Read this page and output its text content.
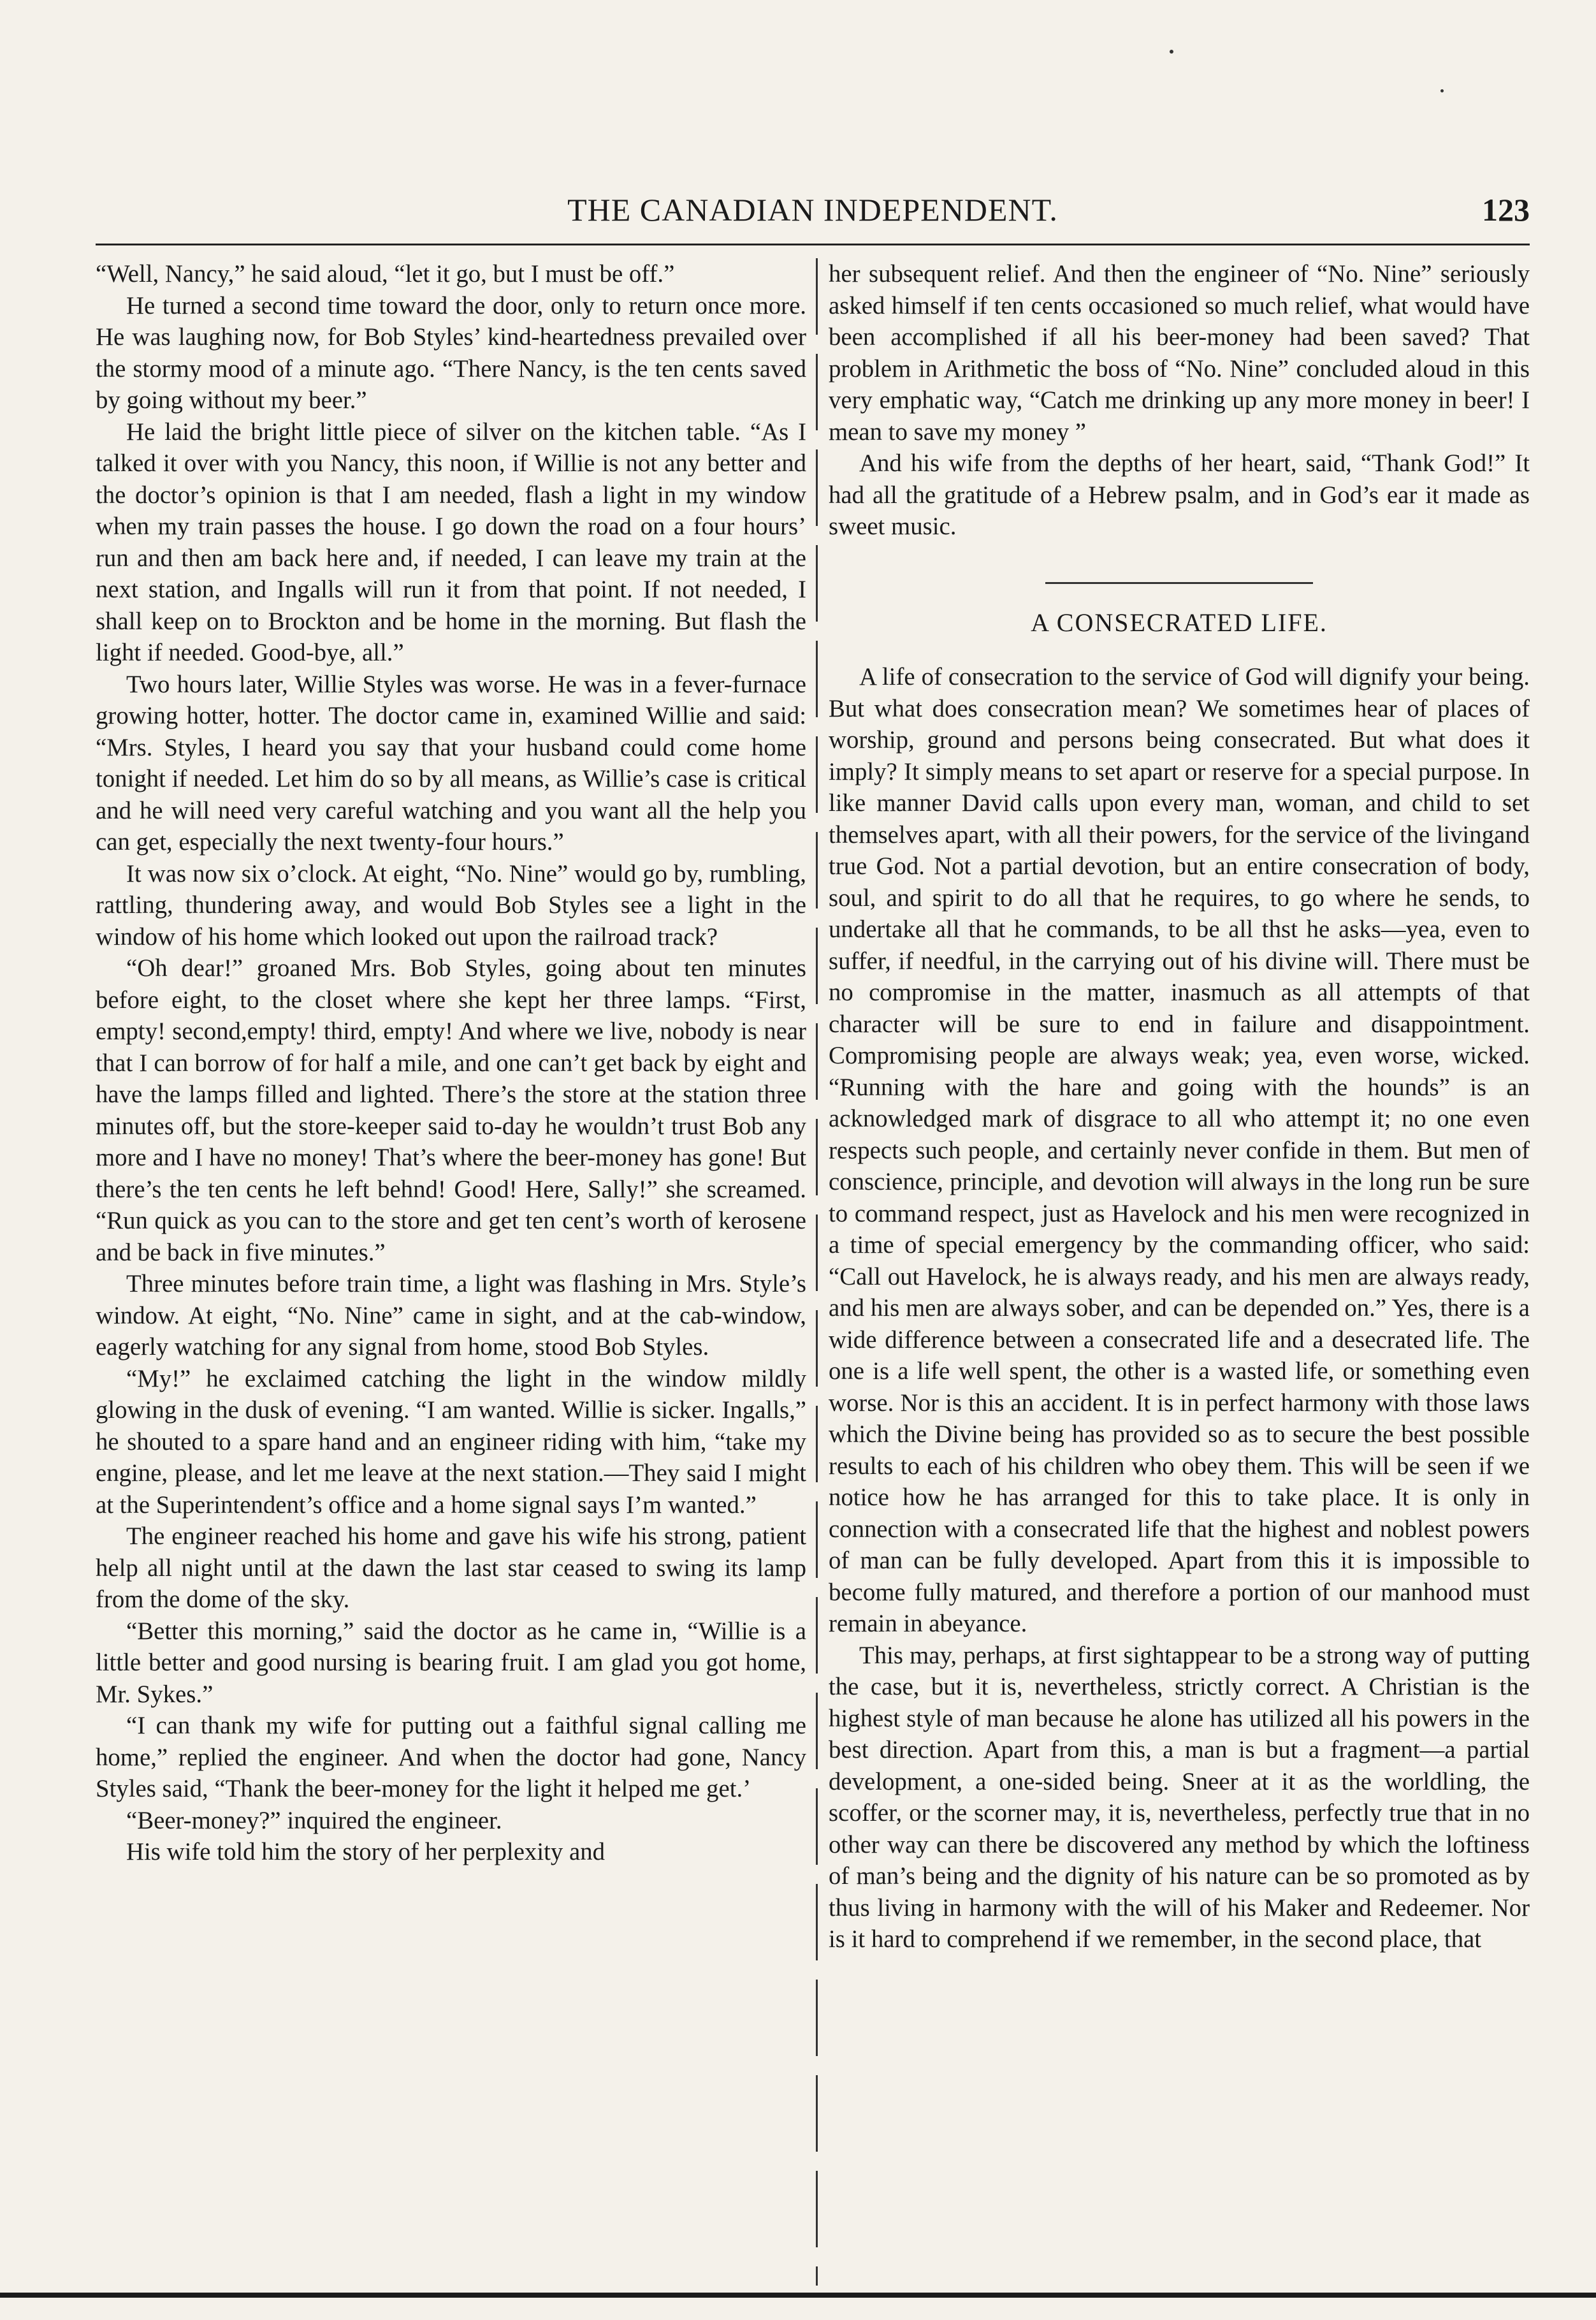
THE CANADIAN INDEPENDENT.	123

“Well, Nancy,” he said aloud, “let it go, but I must be off.”

He turned a second time toward the door, only to return once more. He was laughing now, for Bob Styles’ kind-heartedness prevailed over the stormy mood of a minute ago. “There Nancy, is the ten cents saved by going without my beer.”

He laid the bright little piece of silver on the kitchen table. “As I talked it over with you Nancy, this noon, if Willie is not any better and the doctor’s opinion is that I am needed, flash a light in my window when my train passes the house. I go down the road on a four hours’ run and then am back here and, if needed, I can leave my train at the next station, and Ingalls will run it from that point. If not needed, I shall keep on to Brockton and be home in the morning. But flash the light if needed. Good-bye, all.”

Two hours later, Willie Styles was worse. He was in a fever-furnace growing hotter, hotter. The doctor came in, examined Willie and said: “Mrs. Styles, I heard you say that your husband could come home tonight if needed. Let him do so by all means, as Willie’s case is critical and he will need very careful watching and you want all the help you can get, especially the next twenty-four hours.”

It was now six o’clock. At eight, “No. Nine” would go by, rumbling, rattling, thundering away, and would Bob Styles see a light in the window of his home which looked out upon the railroad track?

“Oh dear!” groaned Mrs. Bob Styles, going about ten minutes before eight, to the closet where she kept her three lamps. “First, empty! second,empty! third, empty! And where we live, nobody is near that I can borrow of for half a mile, and one can’t get back by eight and have the lamps filled and lighted. There’s the store at the station three minutes off, but the store-keeper said to-day he wouldn’t trust Bob any more and I have no money! That’s where the beer-money has gone! But there’s the ten cents he left behnd! Good! Here, Sally!” she screamed. “Run quick as you can to the store and get ten cent’s worth of kerosene and be back in five minutes.”

Three minutes before train time, a light was flashing in Mrs. Style’s window. At eight, “No. Nine” came in sight, and at the cab-window, eagerly watching for any signal from home, stood Bob Styles.

“My!” he exclaimed catching the light in the window mildly glowing in the dusk of evening. “I am wanted. Willie is sicker. Ingalls,” he shouted to a spare hand and an engineer riding with him, “take my engine, please, and let me leave at the next station.—They said I might at the Superintendent’s office and a home signal says I’m wanted.”

The engineer reached his home and gave his wife his strong, patient help all night until at the dawn the last star ceased to swing its lamp from the dome of the sky.

“Better this morning,” said the doctor as he came in, “Willie is a little better and good nursing is bearing fruit. I am glad you got home, Mr. Sykes.”

“I can thank my wife for putting out a faithful signal calling me home,” replied the engineer. And when the doctor had gone, Nancy Styles said, “Thank the beer-money for the light it helped me get.’

“Beer-money?” inquired the engineer.

His wife told him the story of her perplexity and

her subsequent relief. And then the engineer of “No. Nine” seriously asked himself if ten cents occasioned so much relief, what would have been accomplished if all his beer-money had been saved? That problem in Arithmetic the boss of “No. Nine” concluded aloud in this very emphatic way, “Catch me drinking up any more money in beer! I mean to save my money ”

And his wife from the depths of her heart, said, “Thank God!” It had all the gratitude of a Hebrew psalm, and in God’s ear it made as sweet music.

A CONSECRATED LIFE.

A life of consecration to the service of God will dignify your being. But what does consecration mean? We sometimes hear of places of worship, ground and persons being consecrated. But what does it imply? It simply means to set apart or reserve for a special purpose. In like manner David calls upon every man, woman, and child to set themselves apart, with all their powers, for the service of the livingand true God. Not a partial devotion, but an entire consecration of body, soul, and spirit to do all that he requires, to go where he sends, to undertake all that he commands, to be all thst he asks—yea, even to suffer, if needful, in the carrying out of his divine will. There must be no compromise in the matter, inasmuch as all attempts of that character will be sure to end in failure and disappointment. Compromising people are always weak; yea, even worse, wicked. “Running with the hare and going with the hounds” is an acknowledged mark of disgrace to all who attempt it; no one even respects such people, and certainly never confide in them. But men of conscience, principle, and devotion will always in the long run be sure to command respect, just as Havelock and his men were recognized in a time of special emergency by the commanding officer, who said: “Call out Havelock, he is always ready, and his men are always ready, and his men are always sober, and can be depended on.” Yes, there is a wide difference between a consecrated life and a desecrated life. The one is a life well spent, the other is a wasted life, or something even worse. Nor is this an accident. It is in perfect harmony with those laws which the Divine being has provided so as to secure the best possible results to each of his children who obey them. This will be seen if we notice how he has arranged for this to take place. It is only in connection with a consecrated life that the highest and noblest powers of man can be fully developed. Apart from this it is impossible to become fully matured, and therefore a portion of our manhood must remain in abeyance.

This may, perhaps, at first sightappear to be a strong way of putting the case, but it is, nevertheless, strictly correct. A Christian is the highest style of man because he alone has utilized all his powers in the best direction. Apart from this, a man is but a fragment—a partial development, a one-sided being. Sneer at it as the worldling, the scoffer, or the scorner may, it is, nevertheless, perfectly true that in no other way can there be discovered any method by which the loftiness of man’s being and the dignity of his nature can be so promoted as by thus living in harmony with the will of his Maker and Redeemer. Nor is it hard to comprehend if we remember, in the second place, that
